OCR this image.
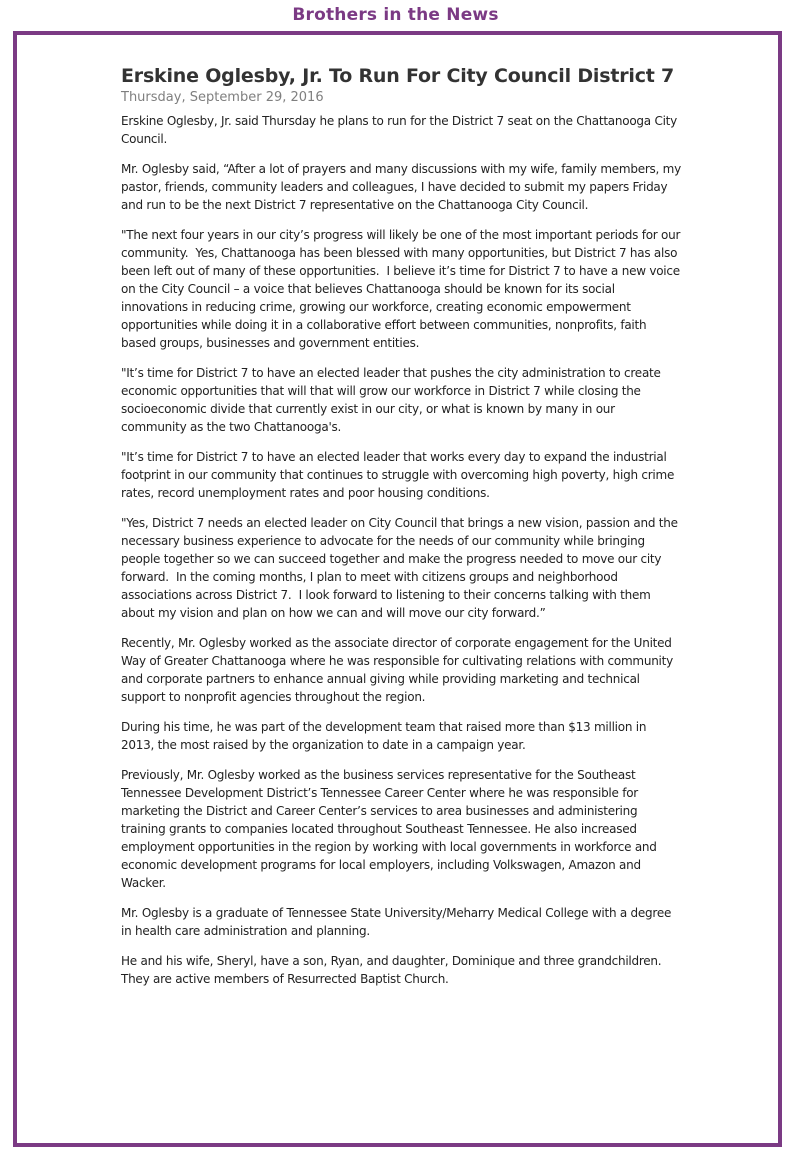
Brothers in the News
Erskine Oglesby, Jr. To Run For City Council District 7
Thursday, September 29, 2016

Erskine Oglesby, Jr. said Thursday he plans to run for the District 7 seat on the Chattanooga City Council.

Mr. Oglesby said, “After a lot of prayers and many discussions with my wife, family members, my pastor, friends, community leaders and colleagues, I have decided to submit my papers Friday and run to be the next District 7 representative on the Chattanooga City Council.

"The next four years in our city’s progress will likely be one of the most important periods for our community.  Yes, Chattanooga has been blessed with many opportunities, but District 7 has also been left out of many of these opportunities.  I believe it’s time for District 7 to have a new voice on the City Council – a voice that believes Chattanooga should be known for its social innovations in reducing crime, growing our workforce, creating economic empowerment opportunities while doing it in a collaborative effort between communities, nonprofits, faith based groups, businesses and government entities.

"It’s time for District 7 to have an elected leader that pushes the city administration to create economic opportunities that will that will grow our workforce in District 7 while closing the socioeconomic divide that currently exist in our city, or what is known by many in our community as the two Chattanooga's.

"It’s time for District 7 to have an elected leader that works every day to expand the industrial footprint in our community that continues to struggle with overcoming high poverty, high crime rates, record unemployment rates and poor housing conditions.

"Yes, District 7 needs an elected leader on City Council that brings a new vision, passion and the necessary business experience to advocate for the needs of our community while bringing people together so we can succeed together and make the progress needed to move our city forward.  In the coming months, I plan to meet with citizens groups and neighborhood associations across District 7.  I look forward to listening to their concerns talking with them about my vision and plan on how we can and will move our city forward.”

Recently, Mr. Oglesby worked as the associate director of corporate engagement for the United Way of Greater Chattanooga where he was responsible for cultivating relations with community and corporate partners to enhance annual giving while providing marketing and technical support to nonprofit agencies throughout the region.

During his time, he was part of the development team that raised more than $13 million in 2013, the most raised by the organization to date in a campaign year.

Previously, Mr. Oglesby worked as the business services representative for the Southeast Tennessee Development District’s Tennessee Career Center where he was responsible for marketing the District and Career Center’s services to area businesses and administering training grants to companies located throughout Southeast Tennessee. He also increased employment opportunities in the region by working with local governments in workforce and economic development programs for local employers, including Volkswagen, Amazon and Wacker.

Mr. Oglesby is a graduate of Tennessee State University/Meharry Medical College with a degree in health care administration and planning.

He and his wife, Sheryl, have a son, Ryan, and daughter, Dominique and three grandchildren. They are active members of Resurrected Baptist Church.
